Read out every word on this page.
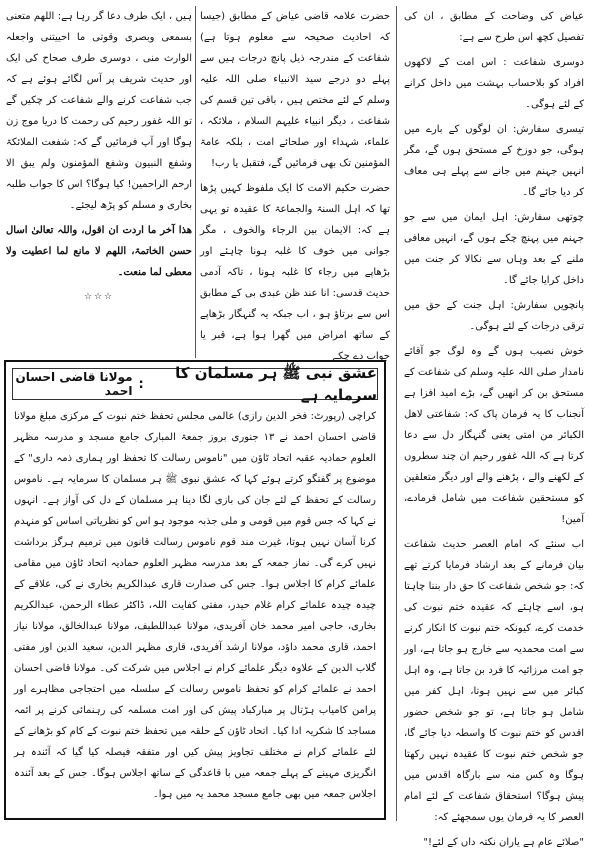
عیاض کی وضاحت کے مطابق ، ان کی تفصیل کچھ اس طرح سے ہے:

دوسری شفاعت : اس امت کے لاکھوں افراد کو بلاحساب بہشت میں داخل کرانے کے لئے ہوگی۔

تیسری سفارش: ان لوگوں کے بارے میں ہوگی، جو دوزخ کے مستحق ہوں گے، مگر انہیں جہنم میں جانے سے پہلے ہی معاف کر دیا جائے گا۔

چوتھی سفارش: اہل ایمان میں سے جو جہنم میں پہنچ چکے ہوں گے، انہیں معافی ملنے کے بعد وہاں سے نکالا کر جنت میں داخل کرایا جائے گا۔

پانچویں سفارش: اہل جنت کے حق میں ترقی درجات کے لئے ہوگی۔

خوش نصیب ہوں گے وہ لوگ جو آقائے نامدار صلی اللہ علیہ وسلم کی شفاعت کے مستحق بن کر انھیں گے، بڑے امید افزا ہے آنجناب کا یہ فرمان پاک کہ: شفاعتی لاھل الکبائر من امتی یعنی گنہگار دل سے دعا کرتا ہے کہ اللہ غفور رحیم ان چند سطروں کے لکھنے والے ، پڑھنے والے اور دیگر متعلقین کو مستحقین شفاعت میں شامل فرمادے، آمین!

اب سنئے کہ امام العصر حدیث شفاعت بیان فرمانے کے بعد ارشاد فرمایا کرتے تھے کہ: جو شخص شفاعت کا حق دار بننا چاہتا ہو، اسے چاہئے کہ عقیدہ ختم نبوت کی خدمت کرے، کیونکہ ختم نبوت کا انکار کرنے سے امت محمدیہ سے خارج ہو جاتا ہے، اور جو امت مرزائیہ کا فرد بن جاتا ہے، وہ اہل کبائر میں سے نہیں ہوتا، اہل کفر میں شامل ہو جاتا ہے، تو جو شخص حضور اقدس کو ختم نبوت کا واسطہ دیا جائے گا، جو شخص ختم نبوت کا عقیدہ نہیں رکھتا ہوگا وہ کس منہ سے بارگاہ اقدس میں پیش ہوگا؟ استحقاق شفاعت کے لئے امام العصر کا یہ فرمان یوں سمجھئے کہ:

"صلائے عام ہے یاران نکتہ داں کے لئے!"

حضرت علامہ قاضی عیاض کے مطابق (جیسا کہ احادیث صحیحہ سے معلوم ہوتا ہے) شفاعت کے مندرجہ ذیل پانچ درجات ہیں سے پہلے دو درجے سید الانبیاء صلی اللہ علیہ وسلم کے لئے مختص ہیں ، باقی تین قسم کی شفاعت ، دیگر انبیاء علیہم السلام ، ملائکہ ، علماء، شہداء اور صلحائے امت ، بلکہ عامۃ المؤمنین تک بھی فرمائیں گے، فتقبل یا رب!

حضرت حکیم الامت کا ایک ملفوظ کہیں پڑھا تھا کہ اہل السنۃ والجماعۃ کا عقیدہ تو یہی ہے کہ: الایمان بین الرجاء والخوف ، مگر جوانی میں خوف کا غلبہ ہونا چاہئے اور بڑھاپے میں رجاء کا غلبہ ہونا ، تاکہ آدمی حدیث قدسی: انا عند ظن عبدی بی کے مطابق اس سے برتاؤ ہو ، اب جبکہ یہ گنہگار بڑھاپے کے ساتھ امراض میں گھرا ہوا ہے، قبر یا جواب دے چکے

ہیں ، ایک طرف دعا گر رہا ہے: اللھم متعنی بسمعی وبصری وقوتی ما احییتنی واجعلہ الوارث منی ، دوسری طرف صحاح کی ایک اور حدیث شریف پر آس لگائے ہوئے ہے کہ جب شفاعت کرنے والے شفاعت کر چکیں گے تو اللہ غفور رحیم کی رحمت کا دریا موج زن ہوگا اور آپ فرمائیں گے کہ: شفعت الملائکۃ وشفع النبیون وشفع المؤمنون ولم یبق الا ارحم الراحمین! کیا ہوگا؟ اس کا جواب طلبہ بخاری و مسلم کو پڑھ لیجئے۔

ھذا آخر ما اردت ان اقول، واللہ تعالیٰ اسال حسن الخاتمۃ، اللھم لا مانع لما اعطیت ولا معطی لما منعت۔

☆☆☆
عشق نبی ﷺ ہر مسلمان کا سرمایہ ہے
:
مولانا قاضی احسان احمد

کراچی (رپورٹ: فخر الدین رازی) عالمی مجلس تحفظ ختم نبوت کے مرکزی مبلغ مولانا قاضی احسان احمد نے ۱۳ جنوری بروز جمعۃ المبارک جامع مسجد و مدرسہ مظہر العلوم حمادیہ عقبہ اتحاد ٹاؤن میں "ناموس رسالت کا تحفظ اور ہماری ذمہ داری" کے موضوع پر گفتگو کرتے ہوئے کہا کہ عشق نبوی ﷺ ہر مسلمان کا سرمایہ ہے۔ ناموس رسالت کے تحفظ کے لئے جان کی بازی لگا دینا ہر مسلمان کے دل کی آواز ہے۔ انہوں نے کہا کہ جس قوم میں قومی و ملی جذبہ موجود ہو اس کو نظریاتی اساس کو منہدم کرنا آسان نہیں ہوتا، غیرت مند قوم ناموس رسالت قانون میں ترمیم ہرگز برداشت نہیں کرے گی۔ نماز جمعہ کے بعد مدرسہ مظہر العلوم حمادیہ اتحاد ٹاؤن میں مقامی علمائے کرام کا اجلاس ہوا۔ جس کی صدارت قاری عبدالکریم بخاری نے کی، علاقے کے چیدہ چیدہ علمائے کرام غلام حیدر، مفتی کفایت اللہ، ڈاکٹر عطاء الرحمن، عبدالکریم بخاری، حاجی امیر محمد خان آفریدی، مولانا عبداللطیف، مولانا عبدالخالق، مولانا نیاز احمد، قاری محمد داؤد، مولانا ارشد آفریدی، قاری مظہر الدین، سعید الدین اور مفتی گلاب الدین کے علاوہ دیگر علمائے کرام نے اجلاس میں شرکت کی۔ مولانا قاضی احسان احمد نے علمائے کرام کو تحفظ ناموس رسالت کے سلسلہ میں احتجاجی مظاہرے اور پرامن کامیاب ہڑتال پر مبارکباد پیش کی اور امت مسلمہ کی رہنمائی کرنے پر ائمہ مساجد کا شکریہ ادا کیا۔ اتحاد ٹاؤن کے حلقہ میں تحفظ ختم نبوت کے کام کو بڑھانے کے لئے علمائے کرام نے مختلف تجاویز پیش کیں اور متفقہ فیصلہ کیا گیا کہ آئندہ ہر انگریزی مہینے کے پہلے جمعہ میں با قاعدگی کے ساتھ اجلاس ہوگا۔ جس کے بعد آئندہ اجلاس جمعہ میں بھی جامع مسجد محمد یہ میں ہوا۔
